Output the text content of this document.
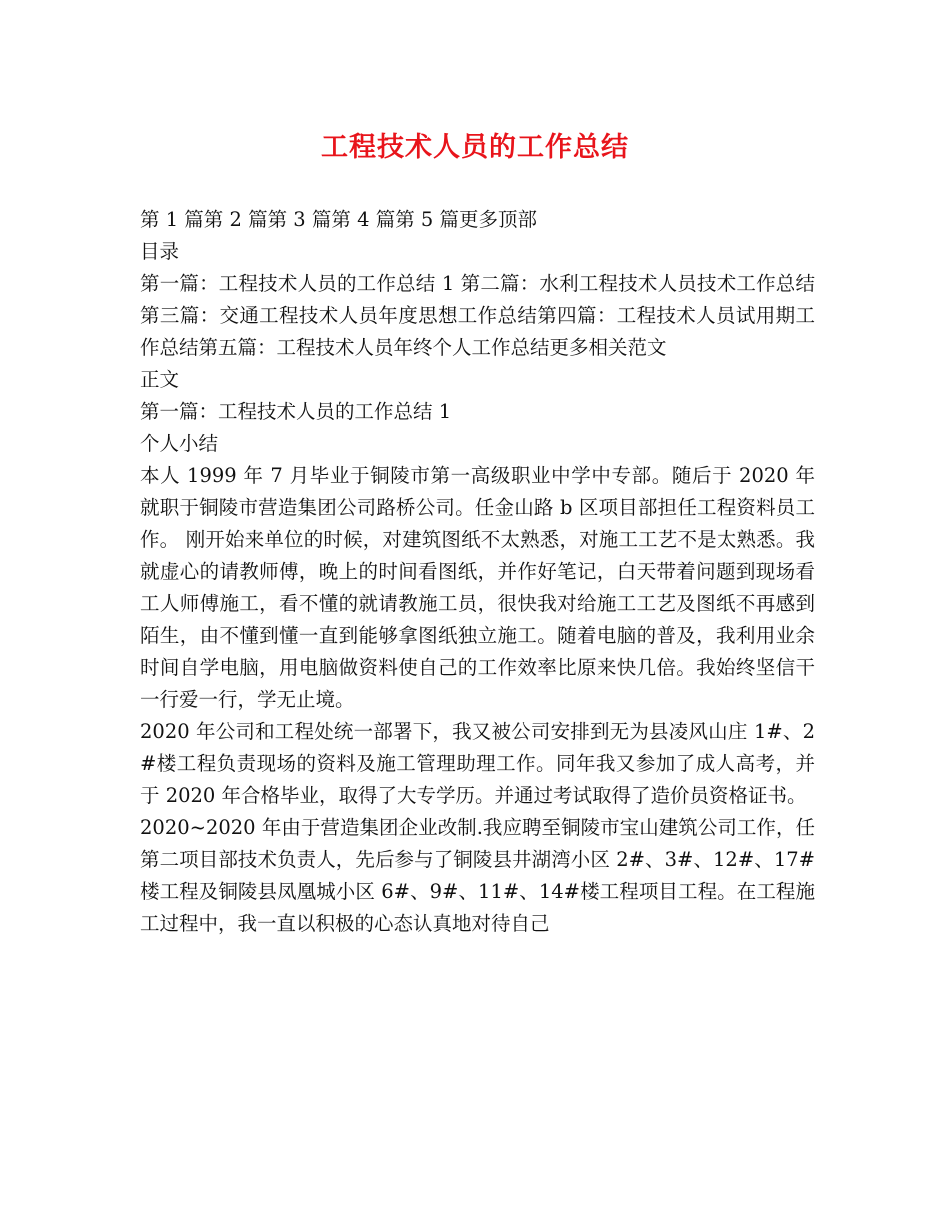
工程技术人员的工作总结

第 1 篇第 2 篇第 3 篇第 4 篇第 5 篇更多顶部

目录

第一篇：工程技术人员的工作总结 1 第二篇：水利工程技术人员技术工作总结第三篇：交通工程技术人员年度思想工作总结第四篇：工程技术人员试用期工作总结第五篇：工程技术人员年终个人工作总结更多相关范文

正文

第一篇：工程技术人员的工作总结 1

个人小结

本人 1999 年 7 月毕业于铜陵市第一高级职业中学中专部。随后于 2020 年就职于铜陵市营造集团公司路桥公司。任金山路 b 区项目部担任工程资料员工作。 刚开始来单位的时候，对建筑图纸不太熟悉，对施工工艺不是太熟悉。我就虚心的请教师傅，晚上的时间看图纸，并作好笔记，白天带着问题到现场看工人师傅施工，看不懂的就请教施工员，很快我对给施工工艺及图纸不再感到陌生，由不懂到懂一直到能够拿图纸独立施工。随着电脑的普及，我利用业余时间自学电脑，用电脑做资料使自己的工作效率比原来快几倍。我始终坚信干一行爱一行，学无止境。

2020 年公司和工程处统一部署下，我又被公司安排到无为县凌风山庄 1#、2#楼工程负责现场的资料及施工管理助理工作。同年我又参加了成人高考，并于 2020 年合格毕业，取得了大专学历。并通过考试取得了造价员资格证书。

2020~2020 年由于营造集团企业改制.我应聘至铜陵市宝山建筑公司工作，任第二项目部技术负责人，先后参与了铜陵县井湖湾小区 2#、3#、12#、17#楼工程及铜陵县凤凰城小区 6#、9#、11#、14#楼工程项目工程。在工程施工过程中，我一直以积极的心态认真地对待自己
